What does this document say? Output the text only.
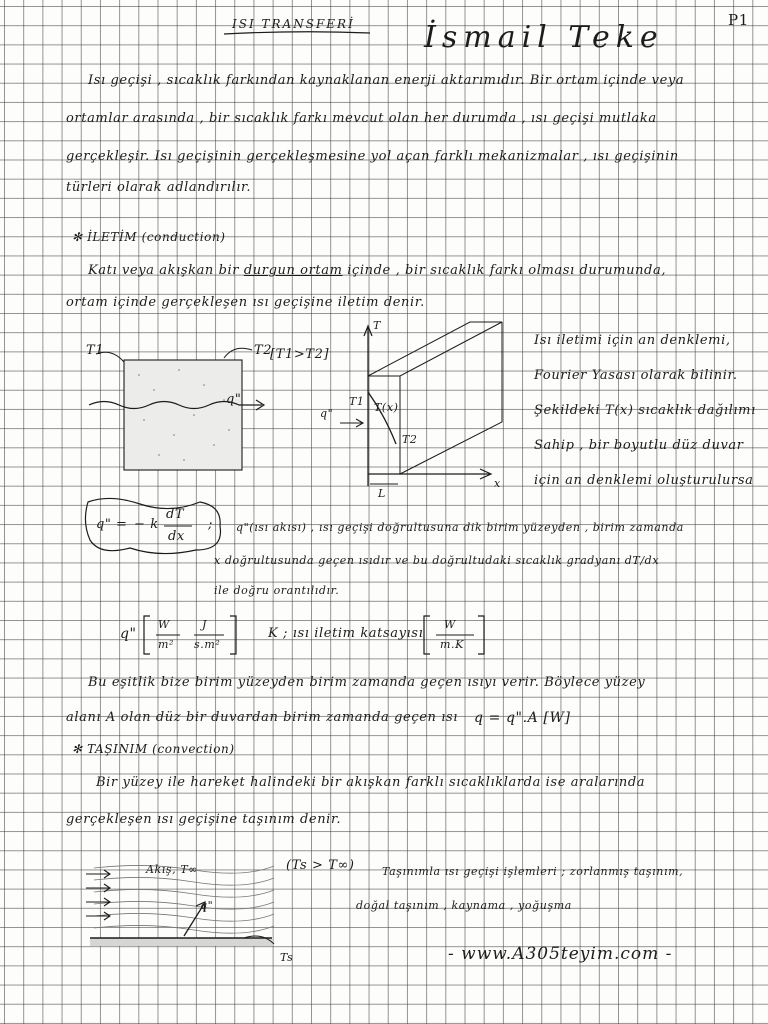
ISI TRANSFERİ İsmail Teke	P1
Isı geçişi , sıcaklık farkından kaynaklanan enerji aktarımıdır. Bir ortam içinde veya
ortamlar arasında , bir sıcaklık farkı mevcut olan her durumda , ısı geçişi mutlaka
gerçekleşir. Isı geçişinin gerçekleşmesine yol açan farklı mekanizmalar , ısı geçişinin
türleri olarak adlandırılır.
✻ İLETİM (conduction)
Katı veya akışkan bir durgun ortam içinde , bir sıcaklık farkı olması durumunda,
ortam içinde gerçekleşen ısı geçişine iletim denir.
T1	T2
[T1>T2]
q"
T
x
T1 T(x)
T2
q"
L
Isı iletimi için an denklemi,
Fourier Yasası olarak bilinir.
Şekildeki T(x) sıcaklık dağılımı
Sahip , bir boyutlu düz duvar
için an denklemi oluşturulursa
q" = − k
dT
dx
; q"(ısı akısı) , ısı geçişi doğrultusuna dik birim yüzeyden , birim zamanda
x doğrultusunda geçen ısıdır ve bu doğrultudaki sıcaklık gradyanı dT/dx
ile doğru orantılıdır.
q"
W
m²
J
s.m²
K ; ısı iletim katsayısı
W
m.K
Bu eşitlik bize birim yüzeyden birim zamanda geçen ısıyı verir. Böylece yüzey
alanı A olan düz bir duvardan birim zamanda geçen ısı q = q".A [W]
✻ TAŞINIM (convection)
Bir yüzey ile hareket halindeki bir akışkan farklı sıcaklıklarda ise aralarında
gerçekleşen ısı geçişine taşınım denir.
Akış, T∞
q"
Ts
(Ts > T∞) Taşınımla ısı geçişi işlemleri ; zorlanmış taşınım,
doğal taşınım , kaynama , yoğuşma
- www.A305teyim.com -
